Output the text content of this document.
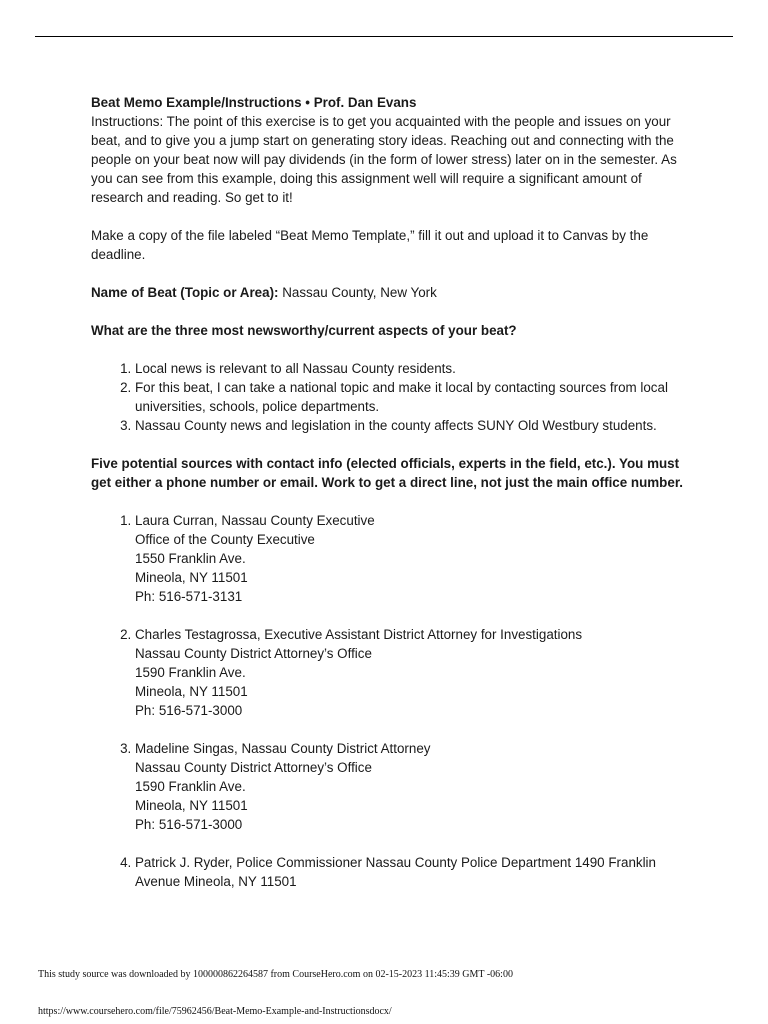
Beat Memo Example/Instructions • Prof. Dan Evans

Instructions: The point of this exercise is to get you acquainted with the people and issues on your beat, and to give you a jump start on generating story ideas. Reaching out and connecting with the people on your beat now will pay dividends (in the form of lower stress) later on in the semester. As you can see from this example, doing this assignment well will require a significant amount of research and reading. So get to it!

Make a copy of the file labeled “Beat Memo Template,” fill it out and upload it to Canvas by the deadline.

Name of Beat (Topic or Area): Nassau County, New York

What are the three most newsworthy/current aspects of your beat?

1. Local news is relevant to all Nassau County residents.
2. For this beat, I can take a national topic and make it local by contacting sources from local universities, schools, police departments.
3. Nassau County news and legislation in the county affects SUNY Old Westbury students.

Five potential sources with contact info (elected officials, experts in the field, etc.). You must get either a phone number or email. Work to get a direct line, not just the main office number.

1. Laura Curran, Nassau County Executive
Office of the County Executive
1550 Franklin Ave.
Mineola, NY 11501
Ph: 516-571-3131
2. Charles Testagrossa, Executive Assistant District Attorney for Investigations
Nassau County District Attorney’s Office
1590 Franklin Ave.
Mineola, NY 11501
Ph: 516-571-3000
3. Madeline Singas, Nassau County District Attorney
Nassau County District Attorney’s Office
1590 Franklin Ave.
Mineola, NY 11501
Ph: 516-571-3000
4. Patrick J. Ryder, Police Commissioner Nassau County Police Department 1490 Franklin Avenue Mineola, NY 11501
This study source was downloaded by 100000862264587 from CourseHero.com on 02-15-2023 11:45:39 GMT -06:00
https://www.coursehero.com/file/75962456/Beat-Memo-Example-and-Instructionsdocx/
